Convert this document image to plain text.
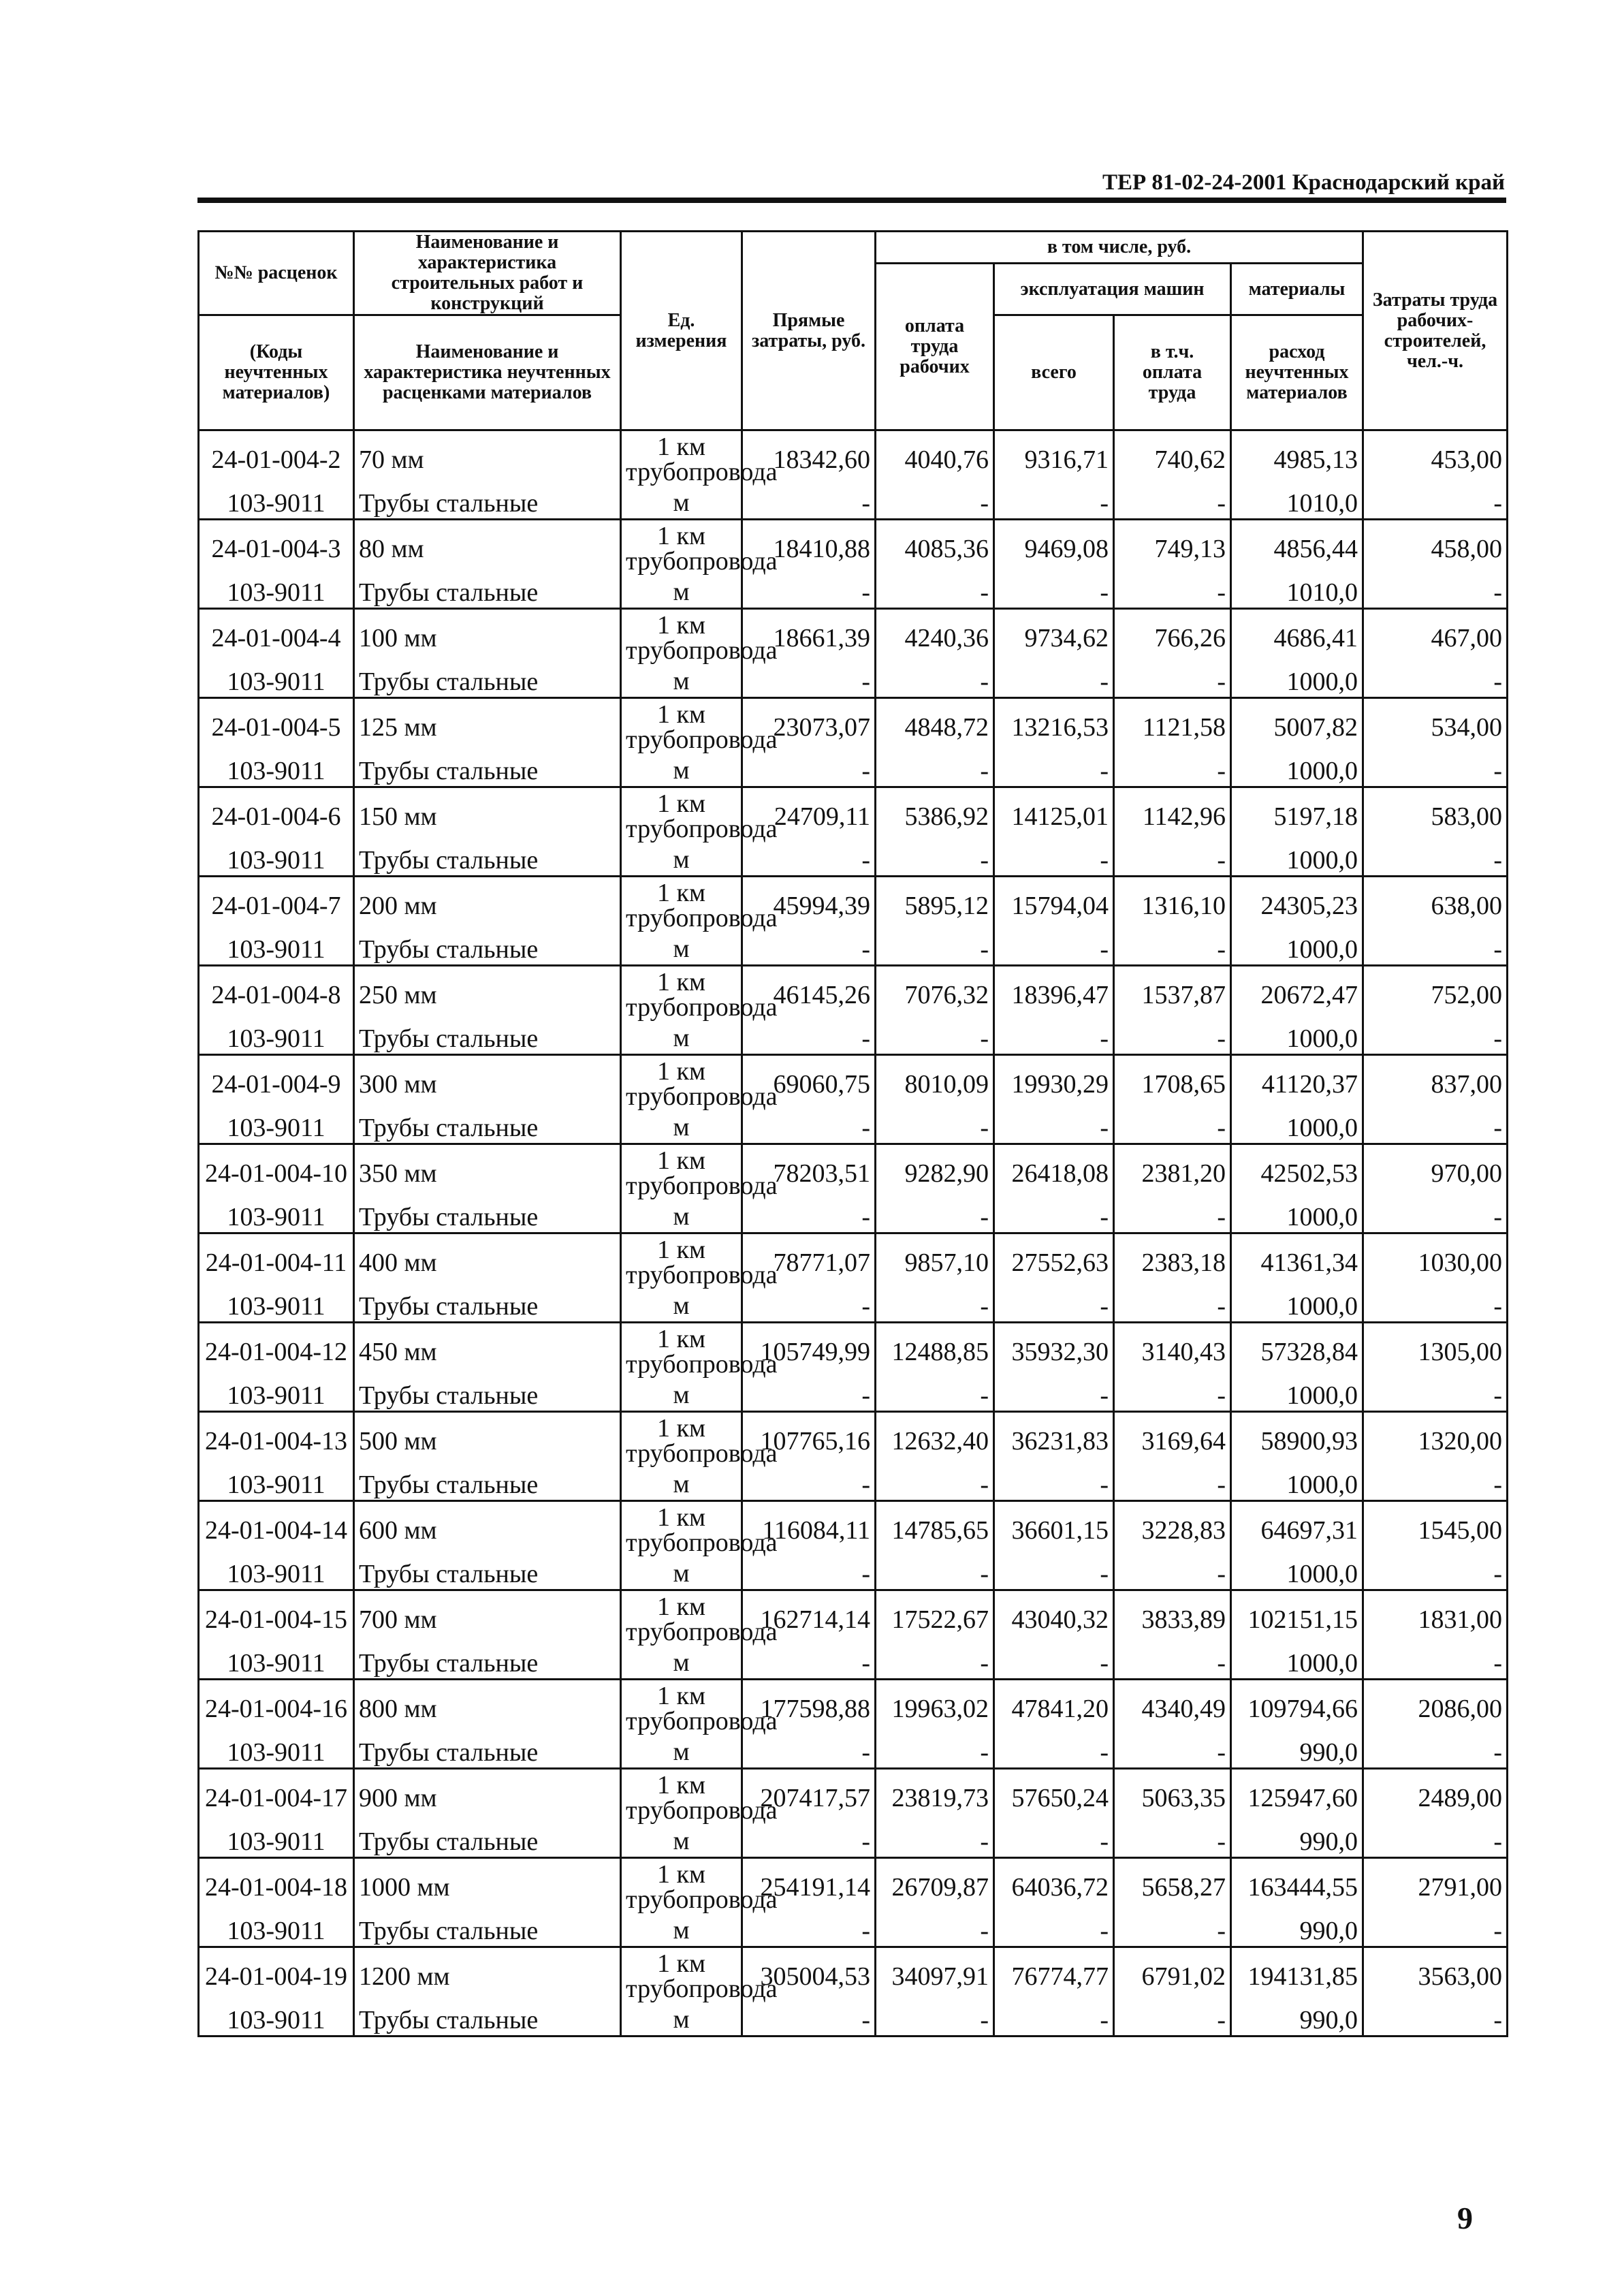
ТЕР 81-02-24-2001 Краснодарский край
№№ расценок	Наименование и характеристика строительных работ и конструкций	Ед. измерения	Прямые затраты, руб.	в том числе, руб.				Затраты труда рабочих-строителей, чел.-ч.
				оплата труда рабочих	эксплуатация машин		материалы	
(Коды неучтенных материалов)	Наименование и характеристика неучтенных расценками материалов				всего	в т.ч. оплата труда	расход неучтенных материалов	

24-01-004-2	70 мм	1 км трубопровода	18342,60	4040,76	9316,71	740,62	4985,13	453,00
103-9011	Трубы стальные	м	-	-	-	-	1010,0	-
24-01-004-3	80 мм	1 км трубопровода	18410,88	4085,36	9469,08	749,13	4856,44	458,00
103-9011	Трубы стальные	м	-	-	-	-	1010,0	-
24-01-004-4	100 мм	1 км трубопровода	18661,39	4240,36	9734,62	766,26	4686,41	467,00
103-9011	Трубы стальные	м	-	-	-	-	1000,0	-
24-01-004-5	125 мм	1 км трубопровода	23073,07	4848,72	13216,53	1121,58	5007,82	534,00
103-9011	Трубы стальные	м	-	-	-	-	1000,0	-
24-01-004-6	150 мм	1 км трубопровода	24709,11	5386,92	14125,01	1142,96	5197,18	583,00
103-9011	Трубы стальные	м	-	-	-	-	1000,0	-
24-01-004-7	200 мм	1 км трубопровода	45994,39	5895,12	15794,04	1316,10	24305,23	638,00
103-9011	Трубы стальные	м	-	-	-	-	1000,0	-
24-01-004-8	250 мм	1 км трубопровода	46145,26	7076,32	18396,47	1537,87	20672,47	752,00
103-9011	Трубы стальные	м	-	-	-	-	1000,0	-
24-01-004-9	300 мм	1 км трубопровода	69060,75	8010,09	19930,29	1708,65	41120,37	837,00
103-9011	Трубы стальные	м	-	-	-	-	1000,0	-
24-01-004-10	350 мм	1 км трубопровода	78203,51	9282,90	26418,08	2381,20	42502,53	970,00
103-9011	Трубы стальные	м	-	-	-	-	1000,0	-
24-01-004-11	400 мм	1 км трубопровода	78771,07	9857,10	27552,63	2383,18	41361,34	1030,00
103-9011	Трубы стальные	м	-	-	-	-	1000,0	-
24-01-004-12	450 мм	1 км трубопровода	105749,99	12488,85	35932,30	3140,43	57328,84	1305,00
103-9011	Трубы стальные	м	-	-	-	-	1000,0	-
24-01-004-13	500 мм	1 км трубопровода	107765,16	12632,40	36231,83	3169,64	58900,93	1320,00
103-9011	Трубы стальные	м	-	-	-	-	1000,0	-
24-01-004-14	600 мм	1 км трубопровода	116084,11	14785,65	36601,15	3228,83	64697,31	1545,00
103-9011	Трубы стальные	м	-	-	-	-	1000,0	-
24-01-004-15	700 мм	1 км трубопровода	162714,14	17522,67	43040,32	3833,89	102151,15	1831,00
103-9011	Трубы стальные	м	-	-	-	-	1000,0	-
24-01-004-16	800 мм	1 км трубопровода	177598,88	19963,02	47841,20	4340,49	109794,66	2086,00
103-9011	Трубы стальные	м	-	-	-	-	990,0	-
24-01-004-17	900 мм	1 км трубопровода	207417,57	23819,73	57650,24	5063,35	125947,60	2489,00
103-9011	Трубы стальные	м	-	-	-	-	990,0	-
24-01-004-18	1000 мм	1 км трубопровода	254191,14	26709,87	64036,72	5658,27	163444,55	2791,00
103-9011	Трубы стальные	м	-	-	-	-	990,0	-
24-01-004-19	1200 мм	1 км трубопровода	305004,53	34097,91	76774,77	6791,02	194131,85	3563,00
103-9011	Трубы стальные	м	-	-	-	-	990,0	-
9
